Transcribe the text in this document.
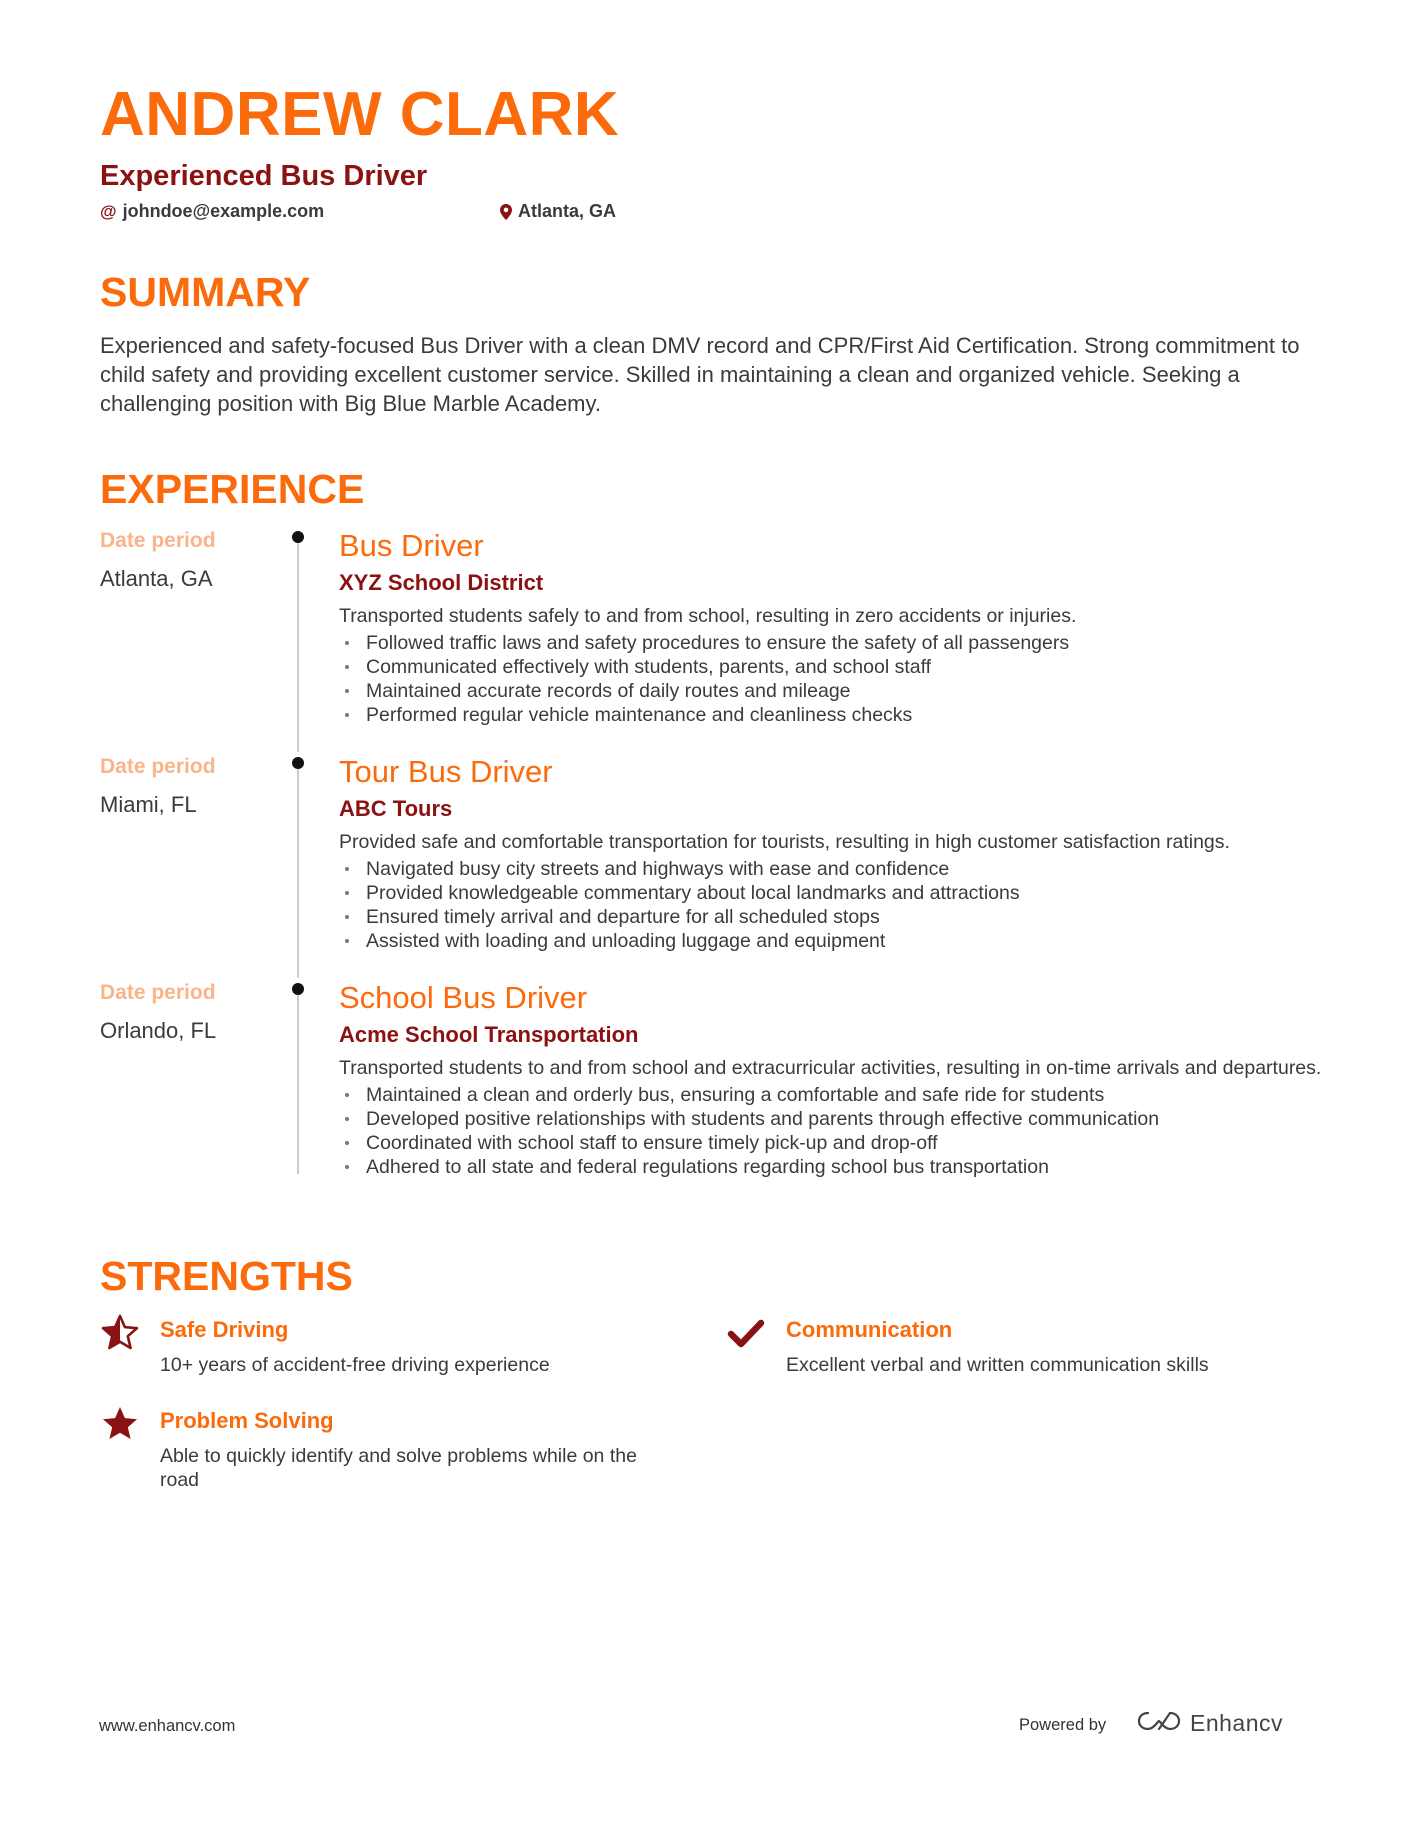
ANDREW CLARK
Experienced Bus Driver
@ johndoe@example.com	Atlanta, GA
SUMMARY
Experienced and safety-focused Bus Driver with a clean DMV record and CPR/First Aid Certification. Strong commitment to child safety and providing excellent customer service. Skilled in maintaining a clean and organized vehicle. Seeking a challenging position with Big Blue Marble Academy.
EXPERIENCE
Date period
Atlanta, GA
Bus Driver
XYZ School District
Transported students safely to and from school, resulting in zero accidents or injuries.
Followed traffic laws and safety procedures to ensure the safety of all passengers
Communicated effectively with students, parents, and school staff
Maintained accurate records of daily routes and mileage
Performed regular vehicle maintenance and cleanliness checks
Date period
Miami, FL
Tour Bus Driver
ABC Tours
Provided safe and comfortable transportation for tourists, resulting in high customer satisfaction ratings.
Navigated busy city streets and highways with ease and confidence
Provided knowledgeable commentary about local landmarks and attractions
Ensured timely arrival and departure for all scheduled stops
Assisted with loading and unloading luggage and equipment
Date period
Orlando, FL
School Bus Driver
Acme School Transportation
Transported students to and from school and extracurricular activities, resulting in on-time arrivals and departures.
Maintained a clean and orderly bus, ensuring a comfortable and safe ride for students
Developed positive relationships with students and parents through effective communication
Coordinated with school staff to ensure timely pick-up and drop-off
Adhered to all state and federal regulations regarding school bus transportation
STRENGTHS
Safe Driving
10+ years of accident-free driving experience
Communication
Excellent verbal and written communication skills
Problem Solving
Able to quickly identify and solve problems while on the road
www.enhancv.com	Powered by	Enhancv
